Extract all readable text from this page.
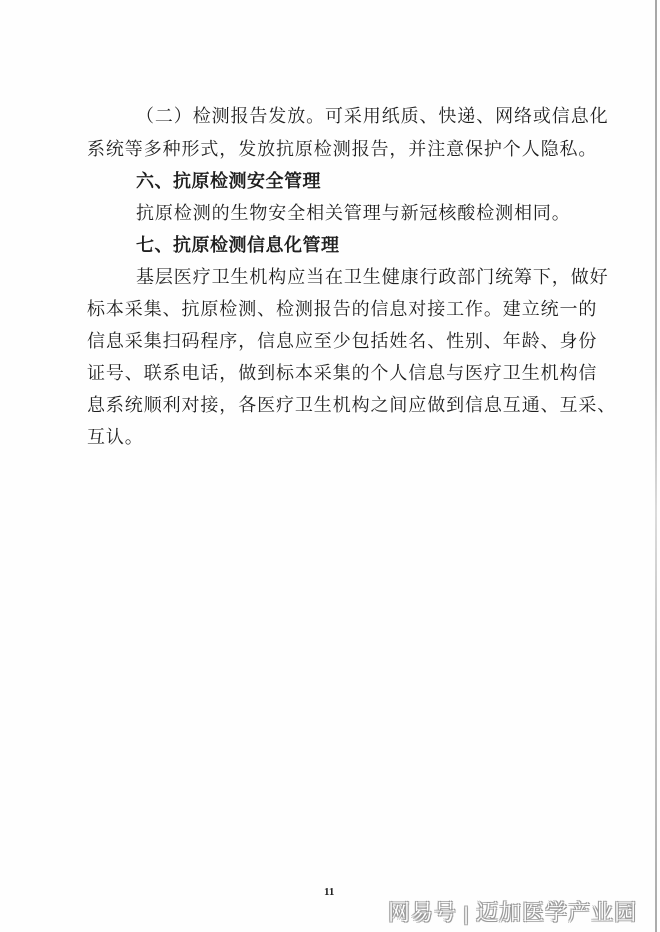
（二）检测报告发放。可采用纸质、快递、网络或信息化
系统等多种形式，发放抗原检测报告，并注意保护个人隐私。
六、抗原检测安全管理
抗原检测的生物安全相关管理与新冠核酸检测相同。
七、抗原检测信息化管理
基层医疗卫生机构应当在卫生健康行政部门统筹下，做好
标本采集、抗原检测、检测报告的信息对接工作。建立统一的
信息采集扫码程序，信息应至少包括姓名、性别、年龄、身份
证号、联系电话，做到标本采集的个人信息与医疗卫生机构信
息系统顺利对接，各医疗卫生机构之间应做到信息互通、互采、
互认。
11
网易号 | 迈加医学产业园
